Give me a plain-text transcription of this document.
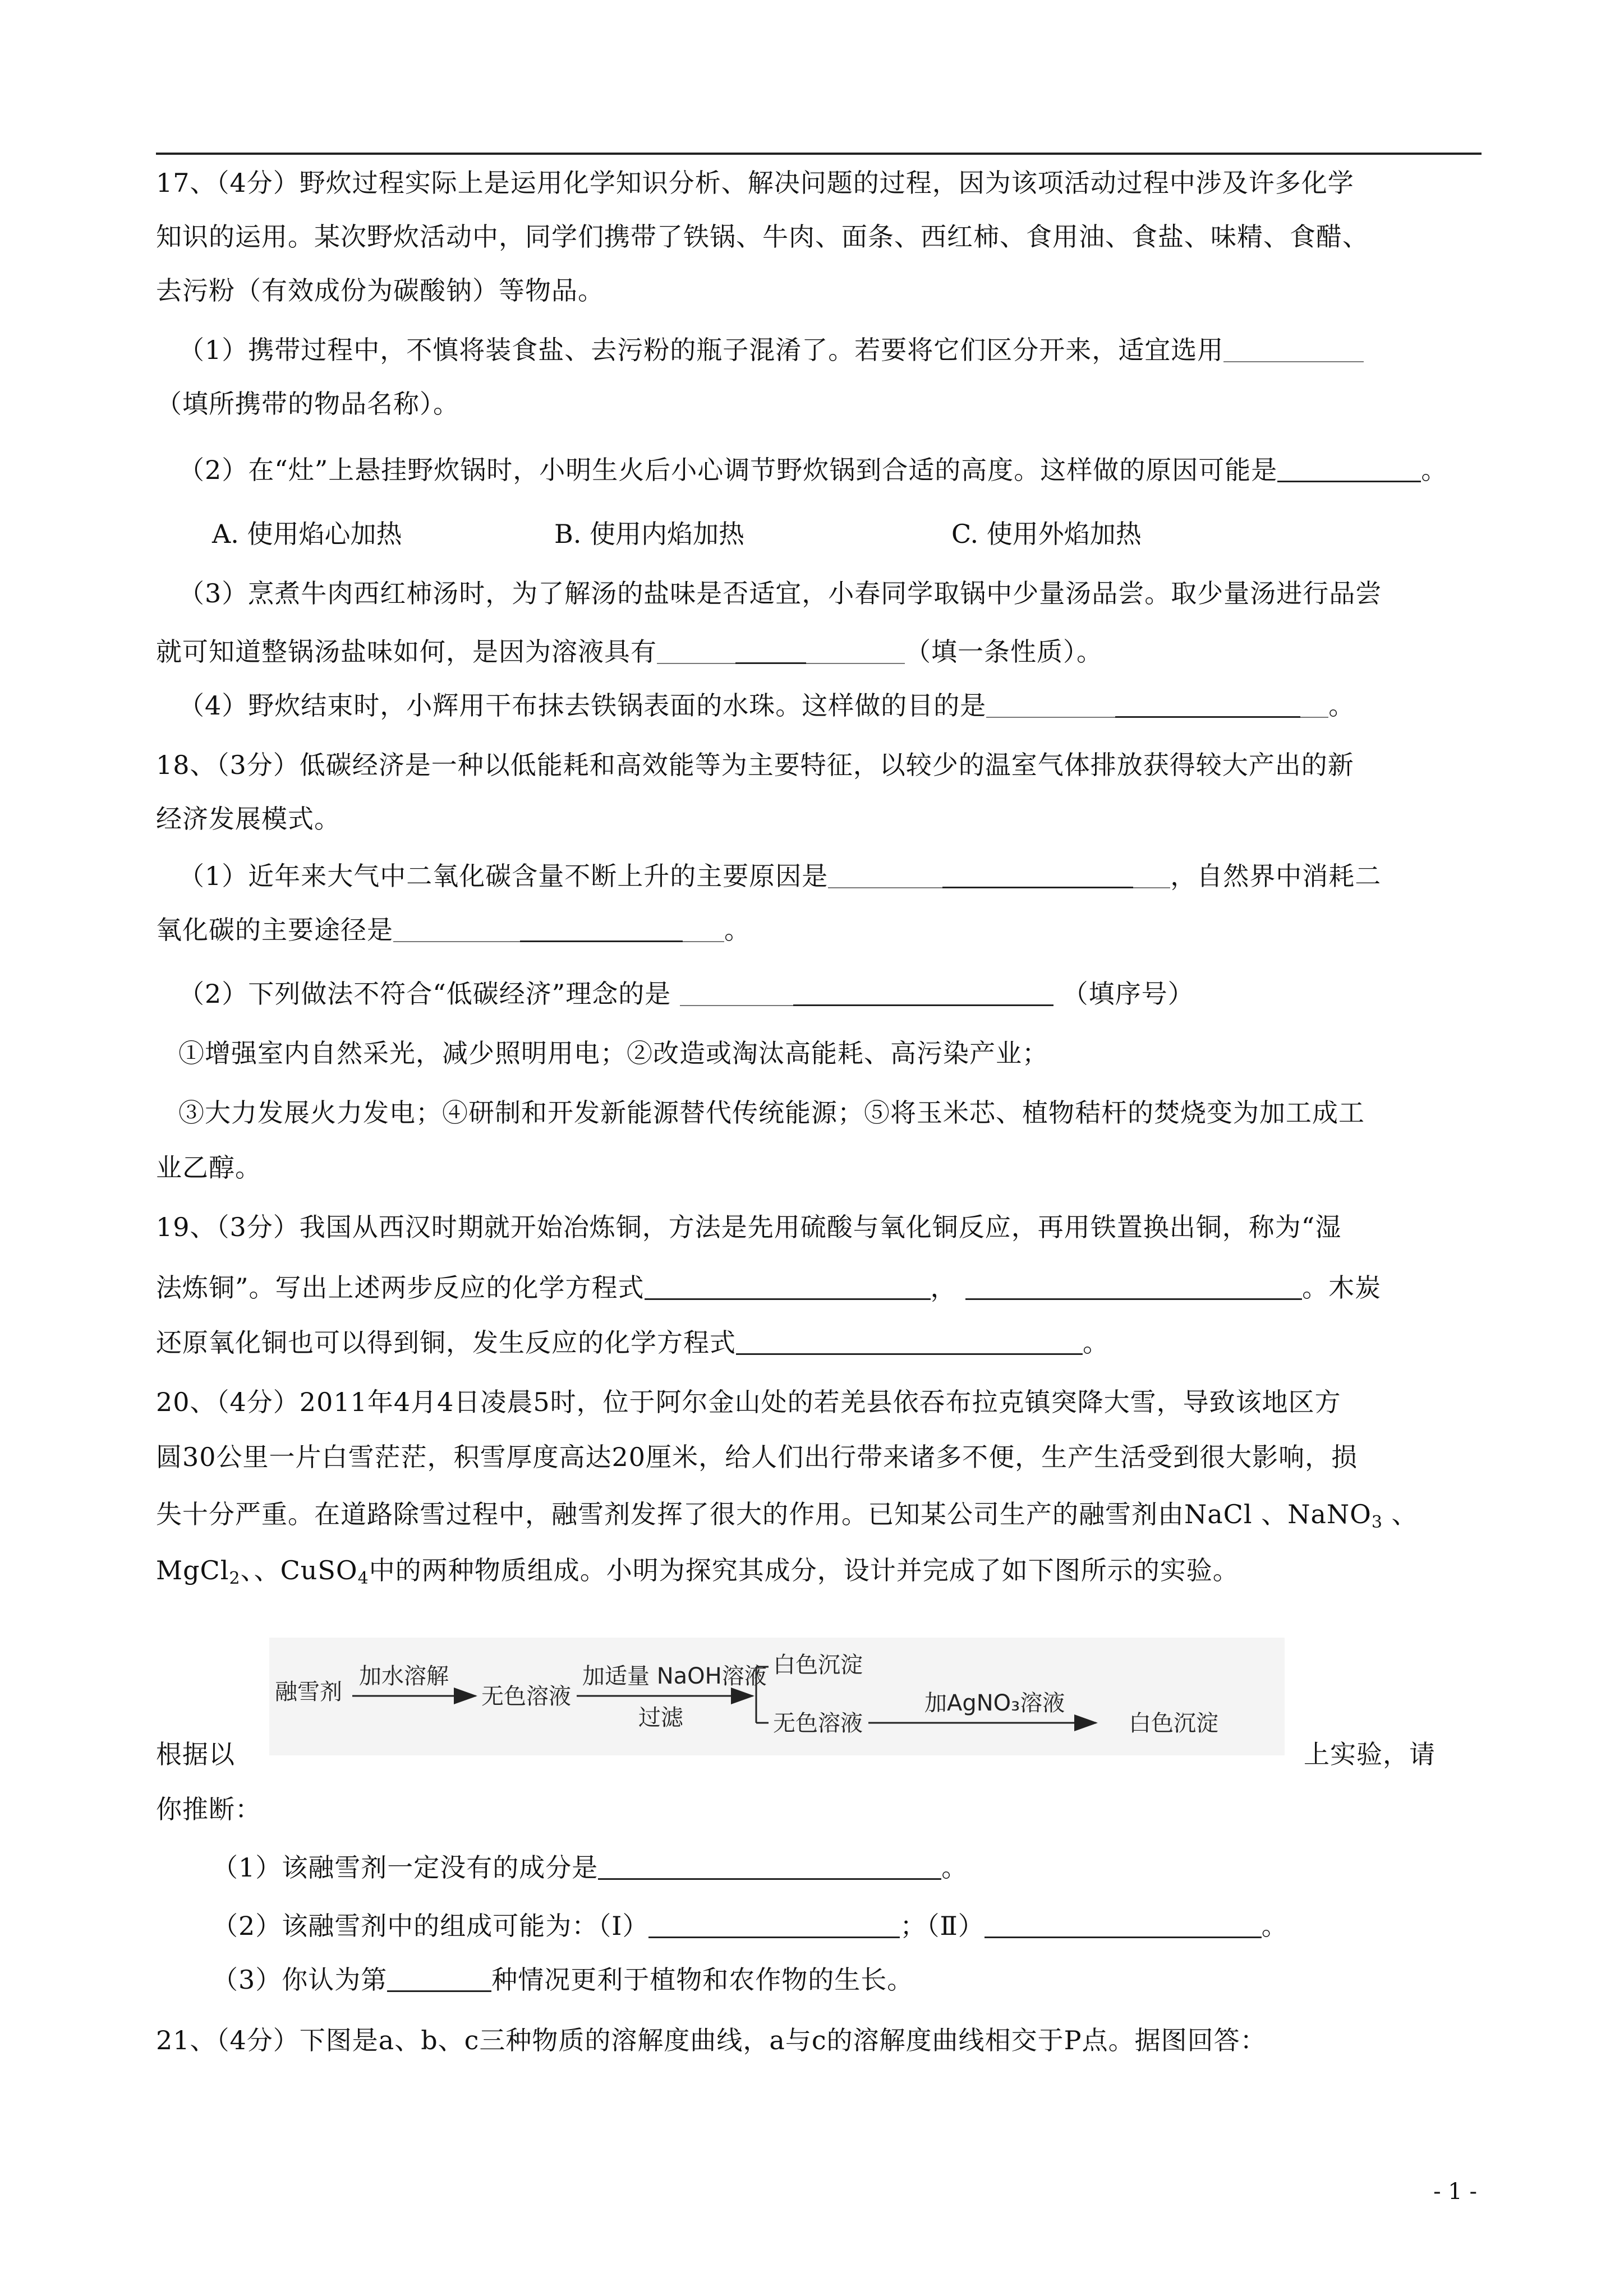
17、（4分）野炊过程实际上是运用化学知识分析、解决问题的过程，因为该项活动过程中涉及许多化学
知识的运用。某次野炊活动中，同学们携带了铁锅、牛肉、面条、西红柿、食用油、食盐、味精、食醋、
去污粉（有效成份为碳酸钠）等物品。
（1）携带过程中，不慎将装食盐、去污粉的瓶子混淆了。若要将它们区分开来，适宜选用
（填所携带的物品名称）。
（2）在“灶”上悬挂野炊锅时，小明生火后小心调节野炊锅到合适的高度。这样做的原因可能是	。
A. 使用焰心加热	B. 使用内焰加热	C. 使用外焰加热
（3）烹煮牛肉西红柿汤时，为了解汤的盐味是否适宜，小春同学取锅中少量汤品尝。取少量汤进行品尝
就可知道整锅汤盐味如何，是因为溶液具有	（填一条性质）。
（4）野炊结束时，小辉用干布抹去铁锅表面的水珠。这样做的目的是	。
18、（3分）低碳经济是一种以低能耗和高效能等为主要特征，以较少的温室气体排放获得较大产出的新
经济发展模式。
（1）近年来大气中二氧化碳含量不断上升的主要原因是	，自然界中消耗二
氧化碳的主要途径是	。
（2）下列做法不符合“低碳经济”理念的是	（填序号）
①增强室内自然采光，减少照明用电；②改造或淘汰高能耗、高污染产业；
③大力发展火力发电；④研制和开发新能源替代传统能源；⑤将玉米芯、植物秸杆的焚烧变为加工成工
业乙醇。
19、（3分）我国从西汉时期就开始冶炼铜，方法是先用硫酸与氧化铜反应，再用铁置换出铜，称为“湿
法炼铜”。写出上述两步反应的化学方程式	，	。木炭
还原氧化铜也可以得到铜，发生反应的化学方程式	。
20、（4分）2011年4月4日凌晨5时，位于阿尔金山处的若羌县依吞布拉克镇突降大雪，导致该地区方
圆30公里一片白雪茫茫，积雪厚度高达20厘米，给人们出行带来诸多不便，生产生活受到很大影响，损
失十分严重。在道路除雪过程中，融雪剂发挥了很大的作用。已知某公司生产的融雪剂由NaCl 、NaNO$_3$ 、
MgCl$_2$、、CuSO$_4$中的两种物质组成。小明为探究其成分，设计并完成了如下图所示的实验。
融雪剂
加水溶解
无色溶液
加适量 NaOH溶液
过滤
白色沉淀
无色溶液
加AgNO₃溶液
白色沉淀
根据以	上实验，请
你推断：
（1）该融雪剂一定没有的成分是	。
（2）该融雪剂中的组成可能为：（Ⅰ）	；（Ⅱ）	。
（3）你认为第	种情况更利于植物和农作物的生长。
21、（4分）下图是a、b、c三种物质的溶解度曲线，a与c的溶解度曲线相交于P点。据图回答：
- 1 -
